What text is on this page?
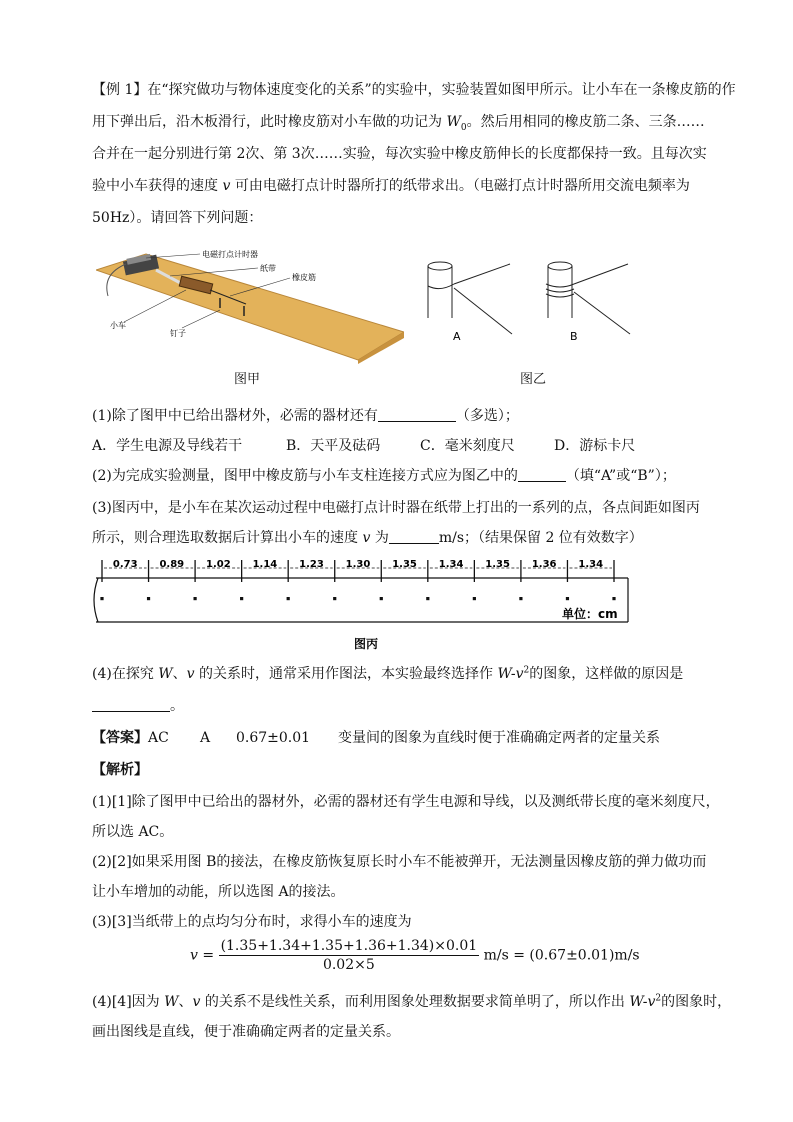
【例 1】在“探究做功与物体速度变化的关系”的实验中，实验装置如图甲所示。让小车在一条橡皮筋的作
用下弹出后，沿木板滑行，此时橡皮筋对小车做的功记为 $W_0$。然后用相同的橡皮筋二条、三条……
合并在一起分别进行第 2次、第 3次……实验，每次实验中橡皮筋伸长的长度都保持一致。且每次实
验中小车获得的速度 v 可由电磁打点计时器所打的纸带求出。（电磁打点计时器所用交流电频率为
50Hz）。请回答下列问题：
电磁打点计时器
纸带
橡皮筋
小车
钉子
图甲
A	B
图乙
(1)除了图甲中已给出器材外，必需的器材还有	（多选）；
A．学生电源及导线若干	B．天平及砝码	C．毫米刻度尺	D．游标卡尺
(2)为完成实验测量，图甲中橡皮筋与小车支柱连接方式应为图乙中的	（填“A”或“B”）；
(3)图丙中，是小车在某次运动过程中电磁打点计时器在纸带上打出的一系列的点，各点间距如图丙
所示，则合理选取数据后计算出小车的速度 v 为	m/s；（结果保留 2 位有效数字）
0.73 0.89 1.02 1.14 1.23 1.30 1.35 1.34 1.35 1.36 1.34
单位：cm
图丙
(4)在探究 W、v 的关系时，通常采用作图法，本实验最终选择作 $W-v^2$的图象，这样做的原因是
。
【答案】AC A 0.67±0.01 变量间的图象为直线时便于准确确定两者的定量关系
【解析】
(1)[1]除了图甲中已给出的器材外，必需的器材还有学生电源和导线，以及测纸带长度的毫米刻度尺，
所以选 AC。
(2)[2]如果采用图 B的接法，在橡皮筋恢复原长时小车不能被弹开，无法测量因橡皮筋的弹力做功而
让小车增加的动能，所以选图 A的接法。
(3)[3]当纸带上的点均匀分布时，求得小车的速度为
$v = \frac{(1.35+1.34+1.35+1.36+1.34)\times 0.01}{0.02\times 5} m/s = (0.67\pm 0.01)m/s$
(4)[4]因为 W、v 的关系不是线性关系，而利用图象处理数据要求简单明了，所以作出 $W-v^2$的图象时，
画出图线是直线，便于准确确定两者的定量关系。
